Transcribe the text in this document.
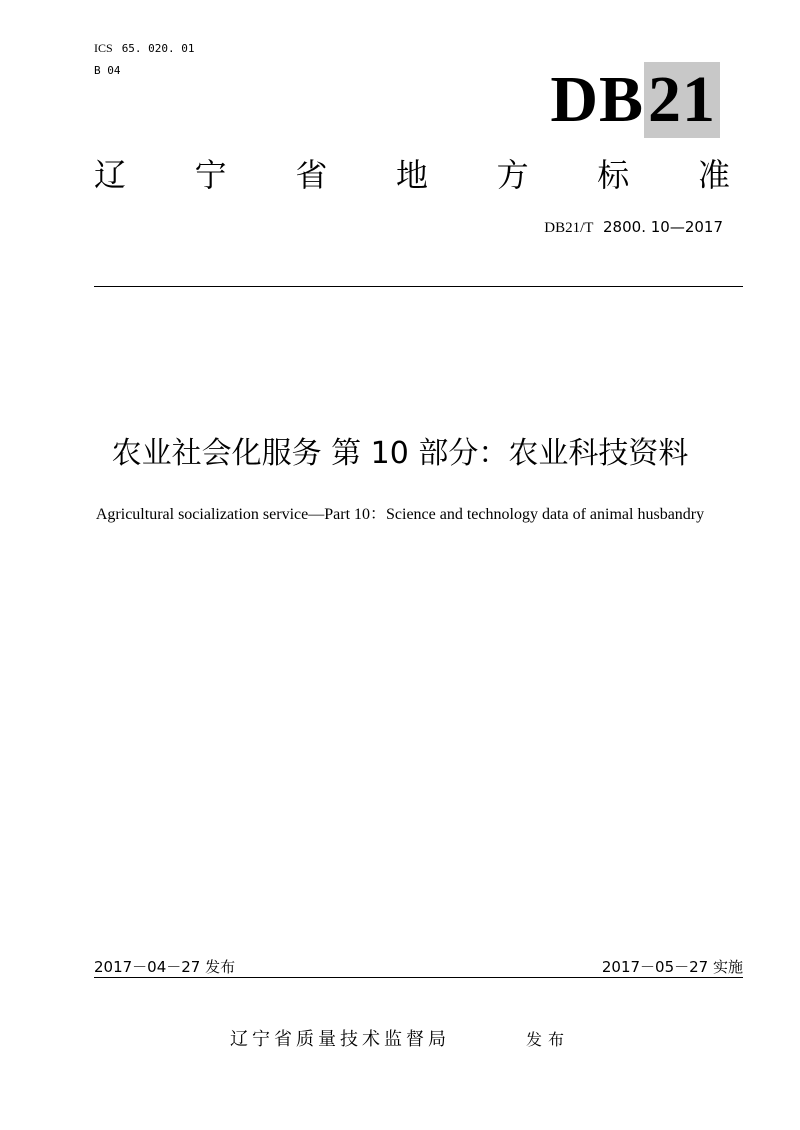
ICS 65. 020. 01
B 04	DB 21
辽 宁 省 地 方 标 准
DB21/T 2800. 10—2017
农业社会化服务 第 10 部分：农业科技资料
Agricultural socialization service—Part 10：Science and technology data of animal husbandry
2017－04－27 发布	2017－05－27 实施
辽宁省质量技术监督局	发布
